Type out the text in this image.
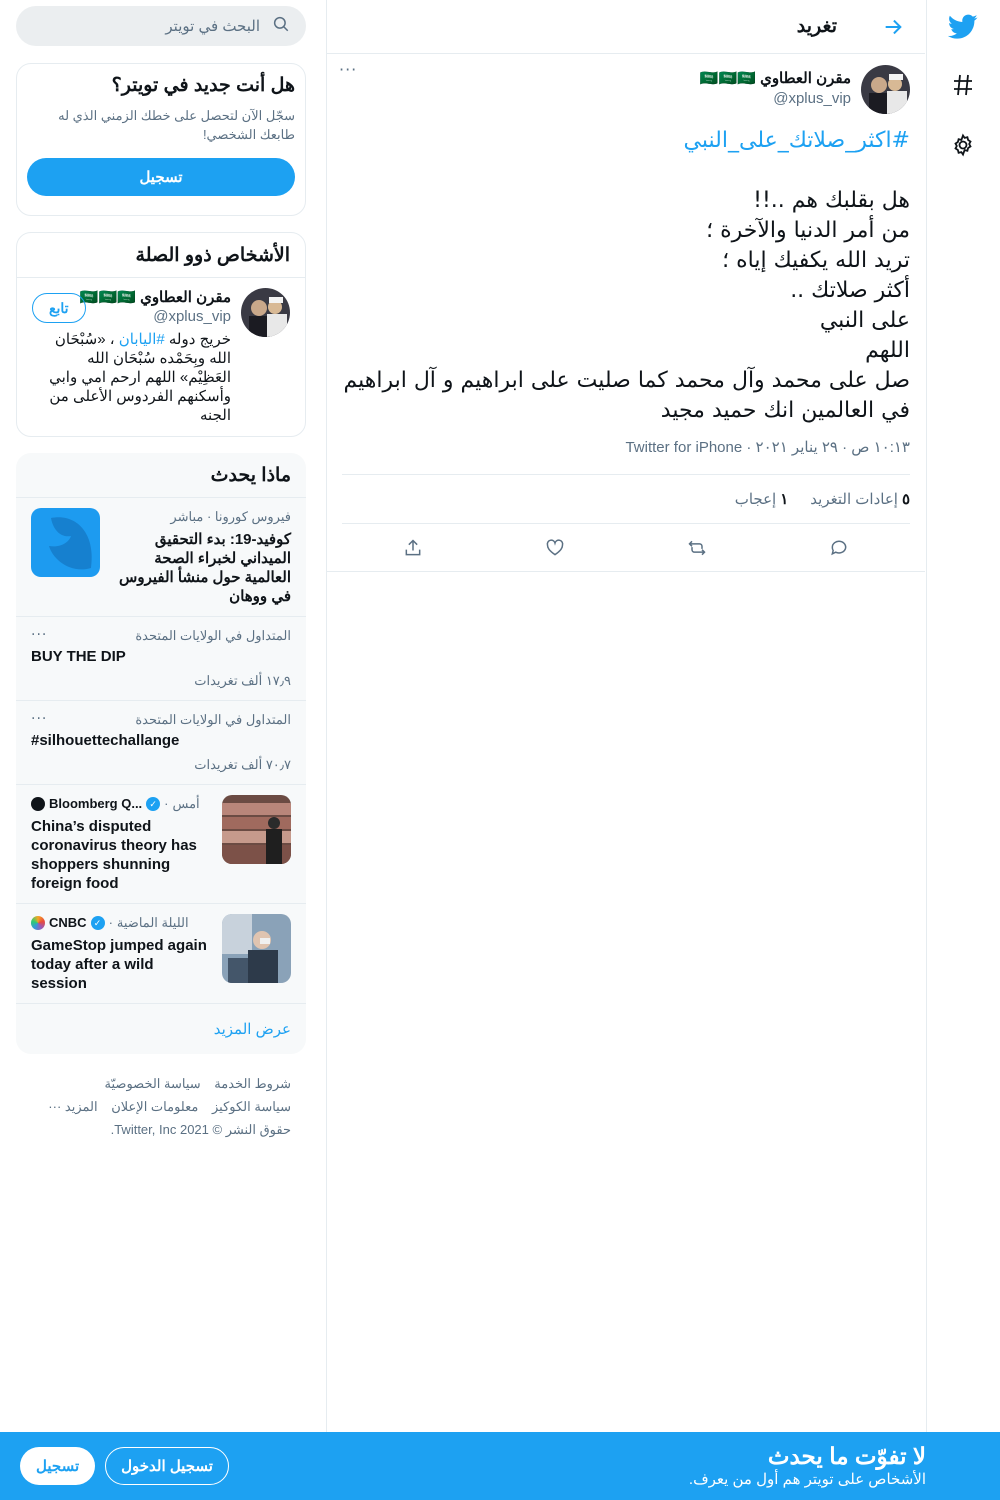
تغريد
مقرن العطاوي 🇸🇦🇸🇦🇸🇦
@xplus_vip
···
#اكثر_صلاتك_على_النبي

هل بقلبك هم ..!!
من أمر الدنيا والآخرة ؛
تريد الله يكفيك إياه ؛
أكثر صلاتك ..
على النبي
اللهم
صل على محمد وآل محمد كما صليت على ابراهيم و آل ابراهيم في العالمين انك حميد مجيد
١٠:١٣ ص · ٢٩ يناير ٢٠٢١ · Twitter for iPhone
٥إعادات التغريد
١إعجاب
البحث في تويتر
هل أنت جديد في تويتر؟

سجّل الآن لتحصل على خطك الزمني الذي له طابعك الشخصي!

تسجيل
الأشخاص ذوو الصلة
مقرن العطاوي 🇸🇦🇸🇦🇸🇦
@xplus_vip
خريج دوله #اليابان ، «سُبْحَان الله وبِحَمْده سُبْحَان الله العَظِيْم» اللهم ارحم امي وابي وأسكنهم الفردوس الأعلى من الجنه
تابع
ماذا يحدث
فيروس كورونا · مباشر
كوفيد-19: بدء التحقيق الميداني لخبراء الصحة العالمية حول منشأ الفيروس في ووهان
المتداول في الولايات المتحدة
BUY THE DIP
١٧٫٩ ألف تغريدات
···
المتداول في الولايات المتحدة
#silhouettechallange
٧٠٫٧ ألف تغريدات
···
Bloomberg Q... ✓ · أمس
China’s disputed coronavirus theory has shoppers shunning foreign food
CNBC ✓ · الليلة الماضية
GameStop jumped again today after a wild session
عرض المزيد
شروط الخدمة سياسة الخصوصيّة
سياسة الكوكيز معلومات الإعلان المزيد ···
حقوق النشر © 2021 Twitter, Inc.
لا تفوّت ما يحدث
الأشخاص على تويتر هم أول من يعرف.
تسجيل	تسجيل الدخول
